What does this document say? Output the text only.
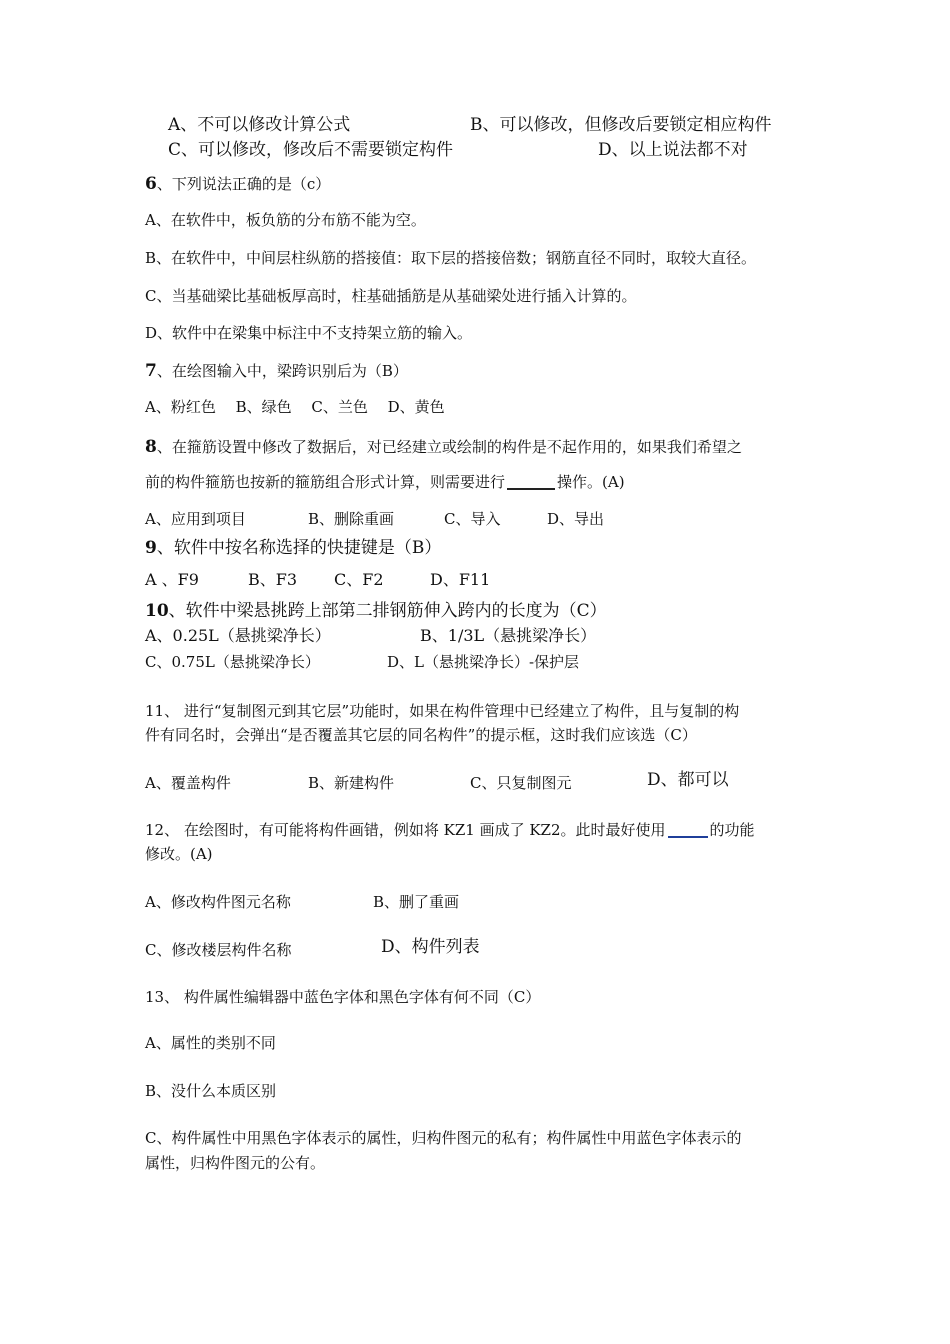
A、不可以修改计算公式	B、可以修改，但修改后要锁定相应构件
C、可以修改，修改后不需要锁定构件	D、以上说法都不对
6、下列说法正确的是（c）
A、在软件中，板负筋的分布筋不能为空。
B、在软件中，中间层柱纵筋的搭接值：取下层的搭接倍数；钢筋直径不同时，取较大直径。
C、当基础梁比基础板厚高时，柱基础插筋是从基础梁处进行插入计算的。
D、软件中在梁集中标注中不支持架立筋的输入。
7、在绘图输入中，梁跨识别后为（B）
A、粉红色　 B、绿色　 C、兰色　 D、黄色
8、在箍筋设置中修改了数据后，对已经建立或绘制的构件是不起作用的，如果我们希望之
前的构件箍筋也按新的箍筋组合形式计算，则需要进行	操作。(A)
A、应用到项目	B、删除重画	C、导入	D、导出
9、软件中按名称选择的快捷键是（B）
A 、F9	B、F3 C、F2	D、F11
10、软件中梁悬挑跨上部第二排钢筋伸入跨内的长度为（C）
A、0.25L（悬挑梁净长）	B、1/3L（悬挑梁净长）
C、0.75L（悬挑梁净长）	D、L（悬挑梁净长）-保护层
11、 进行“复制图元到其它层”功能时，如果在构件管理中已经建立了构件，且与复制的构
件有同名时，会弹出“是否覆盖其它层的同名构件”的提示框，这时我们应该选（C）
A、覆盖构件	B、新建构件	C、只复制图元	D、都可以
12、 在绘图时，有可能将构件画错，例如将 KZ1 画成了 KZ2。此时最好使用	的功能
修改。(A)
A、修改构件图元名称	B、删了重画
C、修改楼层构件名称	D、构件列表
13、 构件属性编辑器中蓝色字体和黑色字体有何不同（C）
A、属性的类别不同
B、没什么本质区别
C、构件属性中用黑色字体表示的属性，归构件图元的私有；构件属性中用蓝色字体表示的
属性，归构件图元的公有。
